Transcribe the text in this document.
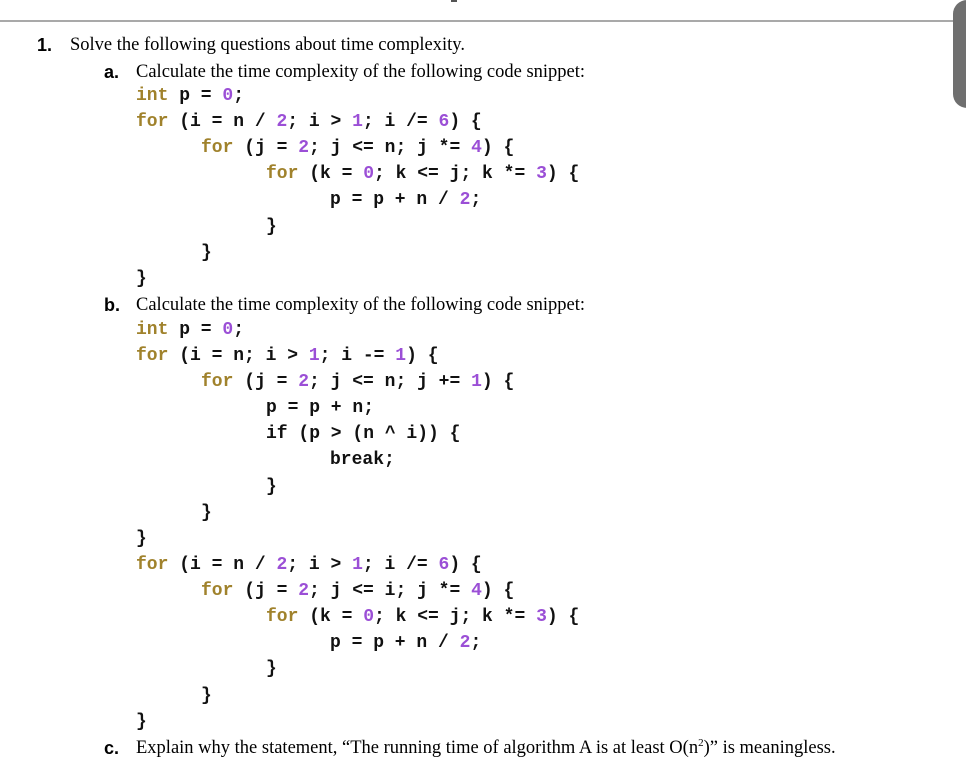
1. Solve the following questions about time complexity.
a. Calculate the time complexity of the following code snippet:
int p = 0;
for (i = n / 2; i > 1; i /= 6) {
for (j = 2; j <= n; j *= 4) {
for (k = 0; k <= j; k *= 3) {
p = p + n / 2;
}
}
}
b. Calculate the time complexity of the following code snippet:
int p = 0;
for (i = n; i > 1; i -= 1) {
for (j = 2; j <= n; j += 1) {
p = p + n;
if (p > (n ^ i)) {
break;
}
}
}
for (i = n / 2; i > 1; i /= 6) {
for (j = 2; j <= i; j *= 4) {
for (k = 0; k <= j; k *= 3) {
p = p + n / 2;
}
}
}
c. Explain why the statement, “The running time of algorithm A is at least $O(n^2)$” is meaningless.
